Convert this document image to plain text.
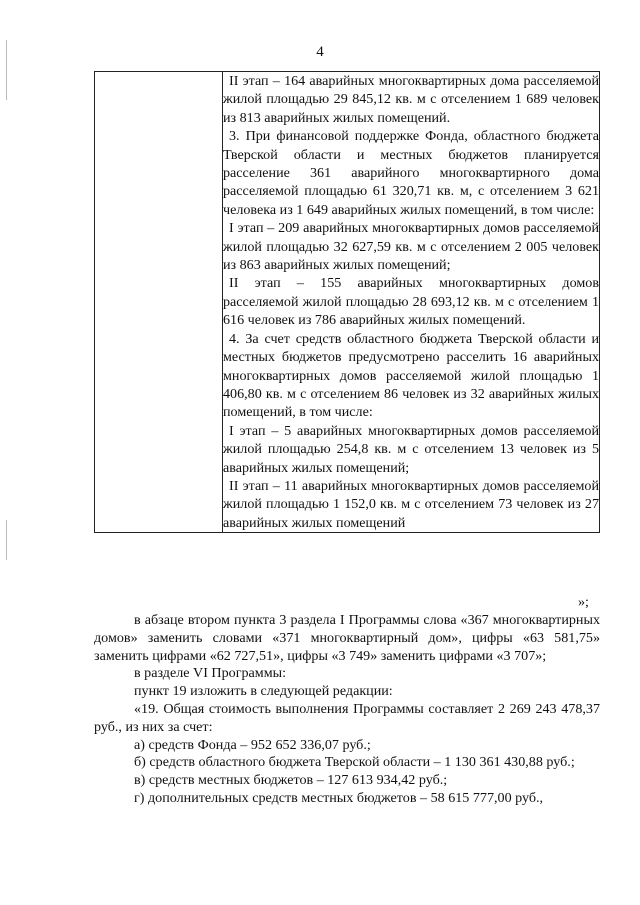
4

II этап – 164 аварийных многоквартирных дома расселяемой жилой площадью 29 845,12 кв. м с отселением 1 689 человек из 813 аварийных жилых помещений.

3. При финансовой поддержке Фонда, областного бюджета Тверской области и местных бюджетов планируется расселение 361 аварийного многоквартирного дома расселяемой площадью 61 320,71 кв. м, с отселением 3 621 человека из 1 649 аварийных жилых помещений, в том числе:

I этап – 209 аварийных многоквартирных домов расселяемой жилой площадью 32 627,59 кв. м с отселением 2 005 человек из 863 аварийных жилых помещений;

II этап – 155 аварийных многоквартирных домов расселяемой жилой площадью 28 693,12 кв. м с отселением 1 616 человек из 786 аварийных жилых помещений.

4. За счет средств областного бюджета Тверской области и местных бюджетов предусмотрено расселить 16 аварийных многоквартирных домов расселяемой жилой площадью 1 406,80 кв. м с отселением 86 человек из 32 аварийных жилых помещений, в том числе:

I этап – 5 аварийных многоквартирных домов расселяемой жилой площадью 254,8 кв. м с отселением 13 человек из 5 аварийных жилых помещений;

II этап – 11 аварийных многоквартирных домов расселяемой жилой площадью 1 152,0 кв. м с отселением 73 человек из 27 аварийных жилых помещений

»;

в абзаце втором пункта 3 раздела I Программы слова «367 многоквартирных домов» заменить словами «371 многоквартирный дом», цифры «63 581,75» заменить цифрами «62 727,51», цифры «3 749» заменить цифрами «3 707»;

в разделе VI Программы:

пункт 19 изложить в следующей редакции:

«19. Общая стоимость выполнения Программы составляет 2 269 243 478,37 руб., из них за счет:

а) средств Фонда – 952 652 336,07 руб.;

б) средств областного бюджета Тверской области – 1 130 361 430,88 руб.;

в) средств местных бюджетов – 127 613 934,42 руб.;

г) дополнительных средств местных бюджетов – 58 615 777,00 руб.,
